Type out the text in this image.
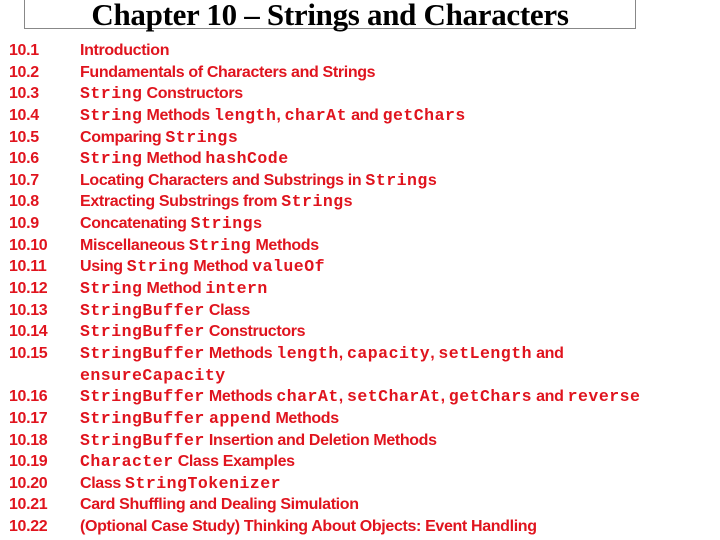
Chapter 10 – Strings and Characters
10.1	Introduction
10.2	Fundamentals of Characters and Strings
10.3	String Constructors
10.4	String Methods length, charAt and getChars
10.5	Comparing Strings
10.6	String Method hashCode
10.7	Locating Characters and Substrings in Strings
10.8	Extracting Substrings from Strings
10.9	Concatenating Strings
10.10 Miscellaneous String Methods
10.11 Using String Method valueOf
10.12 String Method intern
10.13 StringBuffer Class
10.14 StringBuffer Constructors
10.15 StringBuffer Methods length, capacity, setLength and
ensureCapacity
10.16 StringBuffer Methods charAt, setCharAt, getChars and reverse
10.17 StringBuffer append Methods
10.18 StringBuffer Insertion and Deletion Methods
10.19 Character Class Examples
10.20 Class StringTokenizer
10.21 Card Shuffling and Dealing Simulation
10.22 (Optional Case Study) Thinking About Objects: Event Handling
